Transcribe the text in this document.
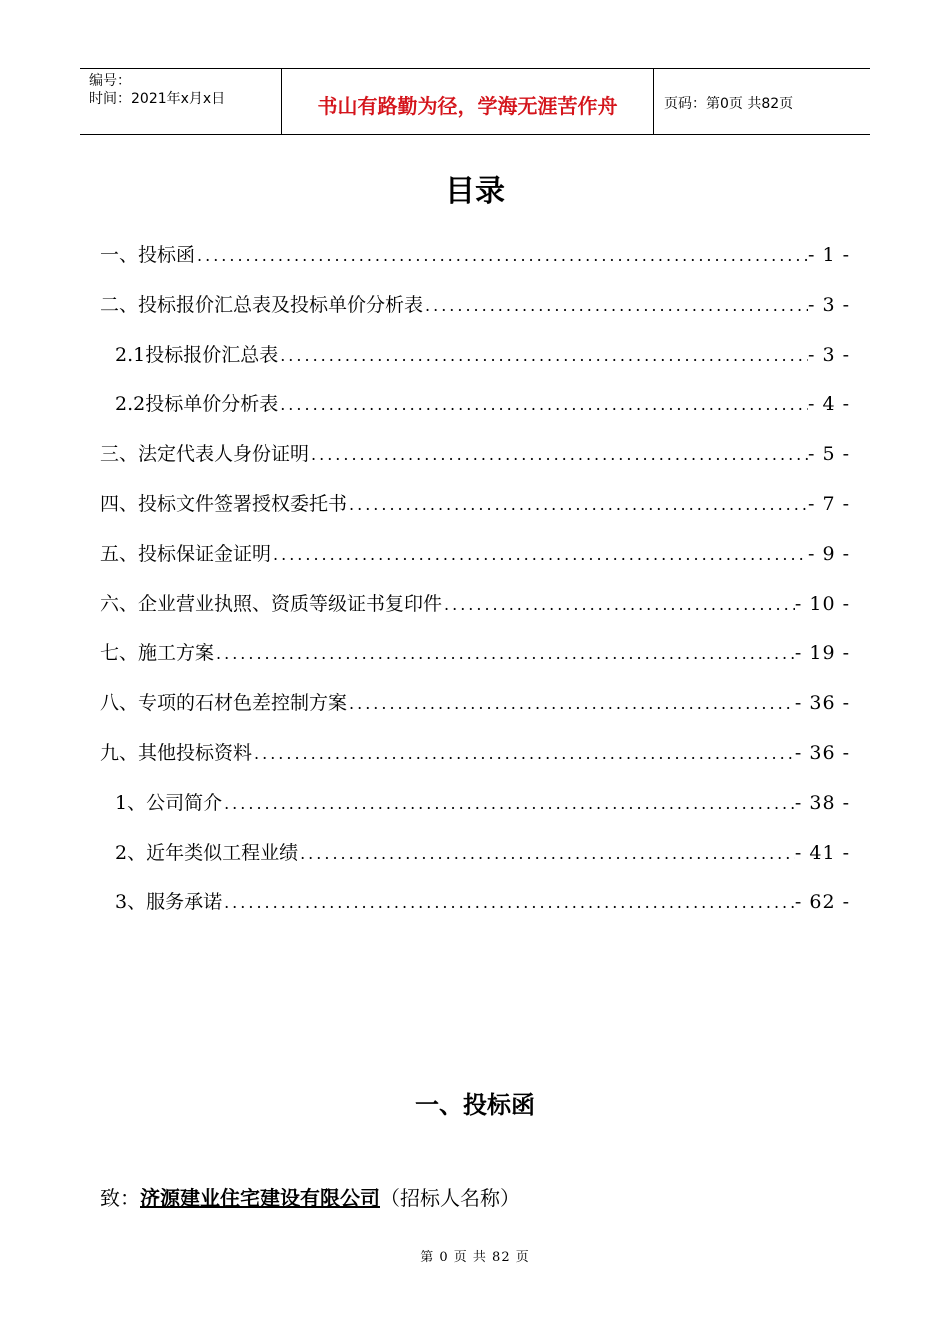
编号：
时间：2021年x月x日	书山有路勤为径，学海无涯苦作舟	页码：第0页 共82页
目录
一、投标函 .....	- 1 -
二、投标报价汇总表及投标单价分析表 .....	- 3 -
2.1投标报价汇总表 .....	- 3 -
2.2投标单价分析表 .....	- 4 -
三、法定代表人身份证明 .....	- 5 -
四、投标文件签署授权委托书 .....	- 7 -
五、投标保证金证明 .....	- 9 -
六、企业营业执照、资质等级证书复印件 .....	- 10 -
七、施工方案 .....	- 19 -
八、专项的石材色差控制方案 .....	- 36 -
九、其他投标资料 .....	- 36 -
1、公司简介 .....	- 38 -
2、近年类似工程业绩 .....	- 41 -
3、服务承诺 .....	- 62 -
一、投标函
致：济源建业住宅建设有限公司（招标人名称）
第 0 页 共 82 页
